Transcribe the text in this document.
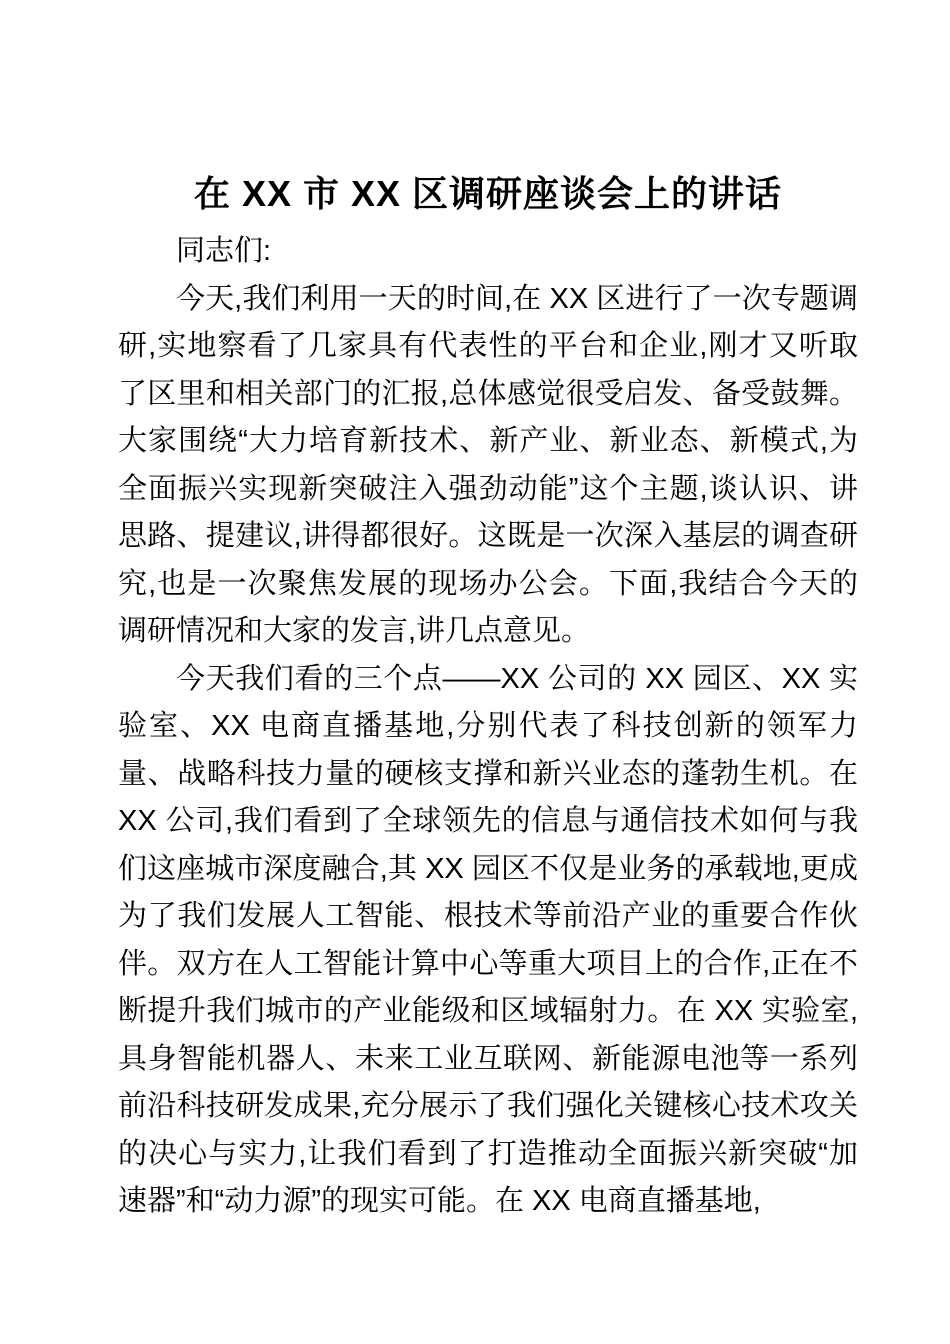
在 XX 市 XX 区调研座谈会上的讲话

同志们:

今天,我们利用一天的时间,在 XX 区进行了一次专题调研,实地察看了几家具有代表性的平台和企业,刚才又听取了区里和相关部门的汇报,总体感觉很受启发、备受鼓舞。大家围绕“大力培育新技术、新产业、新业态、新模式,为全面振兴实现新突破注入强劲动能”这个主题,谈认识、讲思路、提建议,讲得都很好。这既是一次深入基层的调查研究,也是一次聚焦发展的现场办公会。下面,我结合今天的调研情况和大家的发言,讲几点意见。

今天我们看的三个点——XX 公司的 XX 园区、XX 实验室、XX 电商直播基地,分别代表了科技创新的领军力量、战略科技力量的硬核支撑和新兴业态的蓬勃生机。在 XX 公司,我们看到了全球领先的信息与通信技术如何与我们这座城市深度融合,其 XX 园区不仅是业务的承载地,更成为了我们发展人工智能、根技术等前沿产业的重要合作伙伴。双方在人工智能计算中心等重大项目上的合作,正在不断提升我们城市的产业能级和区域辐射力。在 XX 实验室,具身智能机器人、未来工业互联网、新能源电池等一系列前沿科技研发成果,充分展示了我们强化关键核心技术攻关的决心与实力,让我们看到了打造推动全面振兴新突破“加速器”和“动力源”的现实可能。在 XX 电商直播基地,
